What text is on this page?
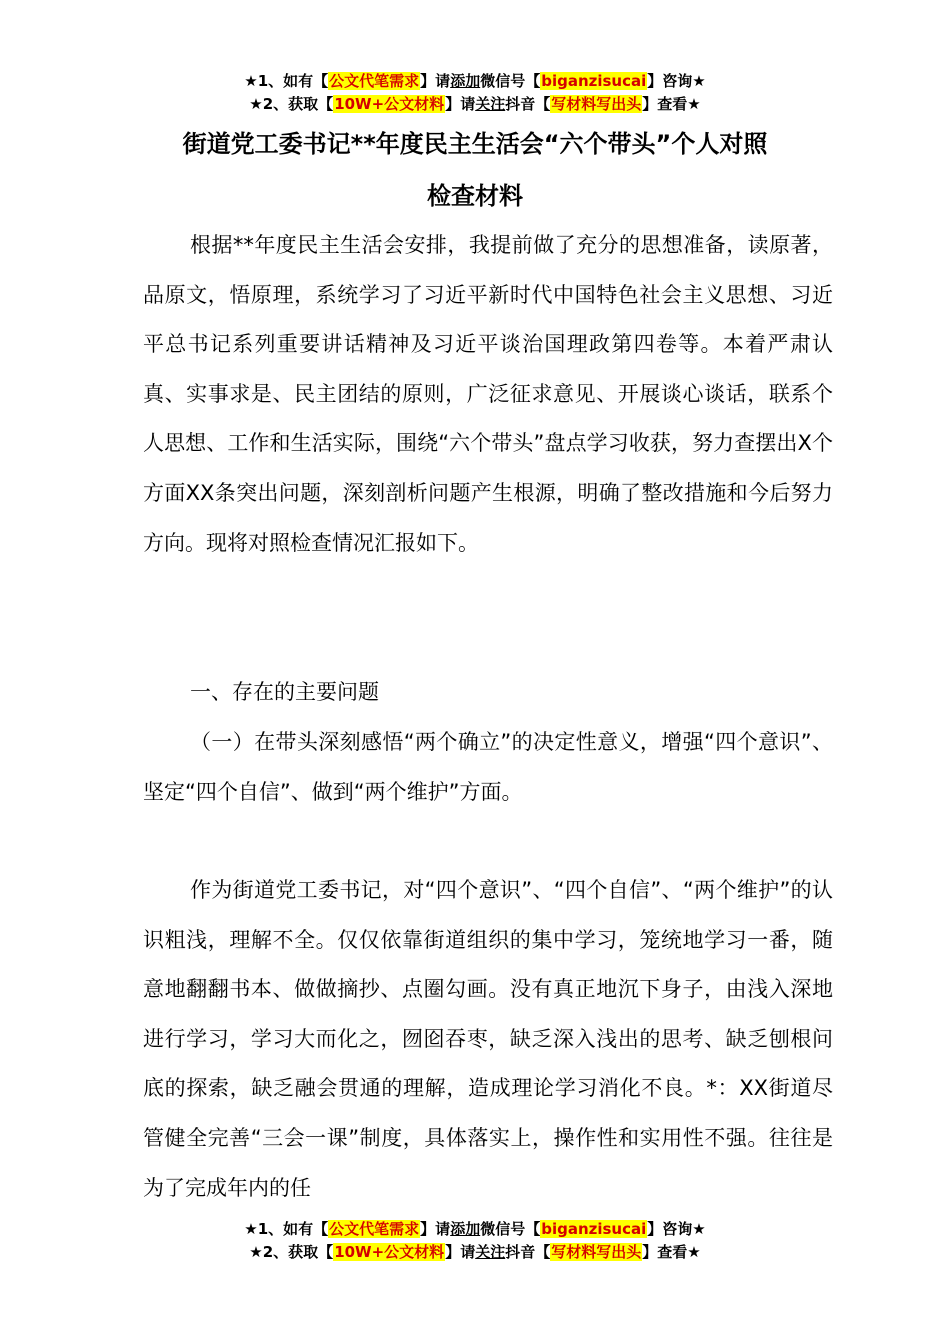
★1、如有【公文代笔需求】请添加微信号【biganzisucai】咨询★
★2、获取【10W+公文材料】请关注抖音【写材料写出头】查看★
街道党工委书记**年度民主生活会“六个带头”个人对照
检查材料
根据**年度民主生活会安排，我提前做了充分的思想准备，读原著，品原文，悟原理，系统学习了习近平新时代中国特色社会主义思想、习近平总书记系列重要讲话精神及习近平谈治国理政第四卷等。本着严肃认真、实事求是、民主团结的原则，广泛征求意见、开展谈心谈话，联系个人思想、工作和生活实际，围绕“六个带头”盘点学习收获，努力查摆出X个方面XX条突出问题，深刻剖析问题产生根源，明确了整改措施和今后努力方向。现将对照检查情况汇报如下。
一、存在的主要问题
（一）在带头深刻感悟“两个确立”的决定性意义，增强“四个意识”、坚定“四个自信”、做到“两个维护”方面。
作为街道党工委书记，对“四个意识”、“四个自信”、“两个维护”的认识粗浅，理解不全。仅仅依靠街道组织的集中学习，笼统地学习一番，随意地翻翻书本、做做摘抄、点圈勾画。没有真正地沉下身子，由浅入深地进行学习，学习大而化之，囫囵吞枣，缺乏深入浅出的思考、缺乏刨根问底的探索，缺乏融会贯通的理解，造成理论学习消化不良。*：XX街道尽管健全完善“三会一课”制度，具体落实上，操作性和实用性不强。往往是为了完成年内的任
★1、如有【公文代笔需求】请添加微信号【biganzisucai】咨询★
★2、获取【10W+公文材料】请关注抖音【写材料写出头】查看★
